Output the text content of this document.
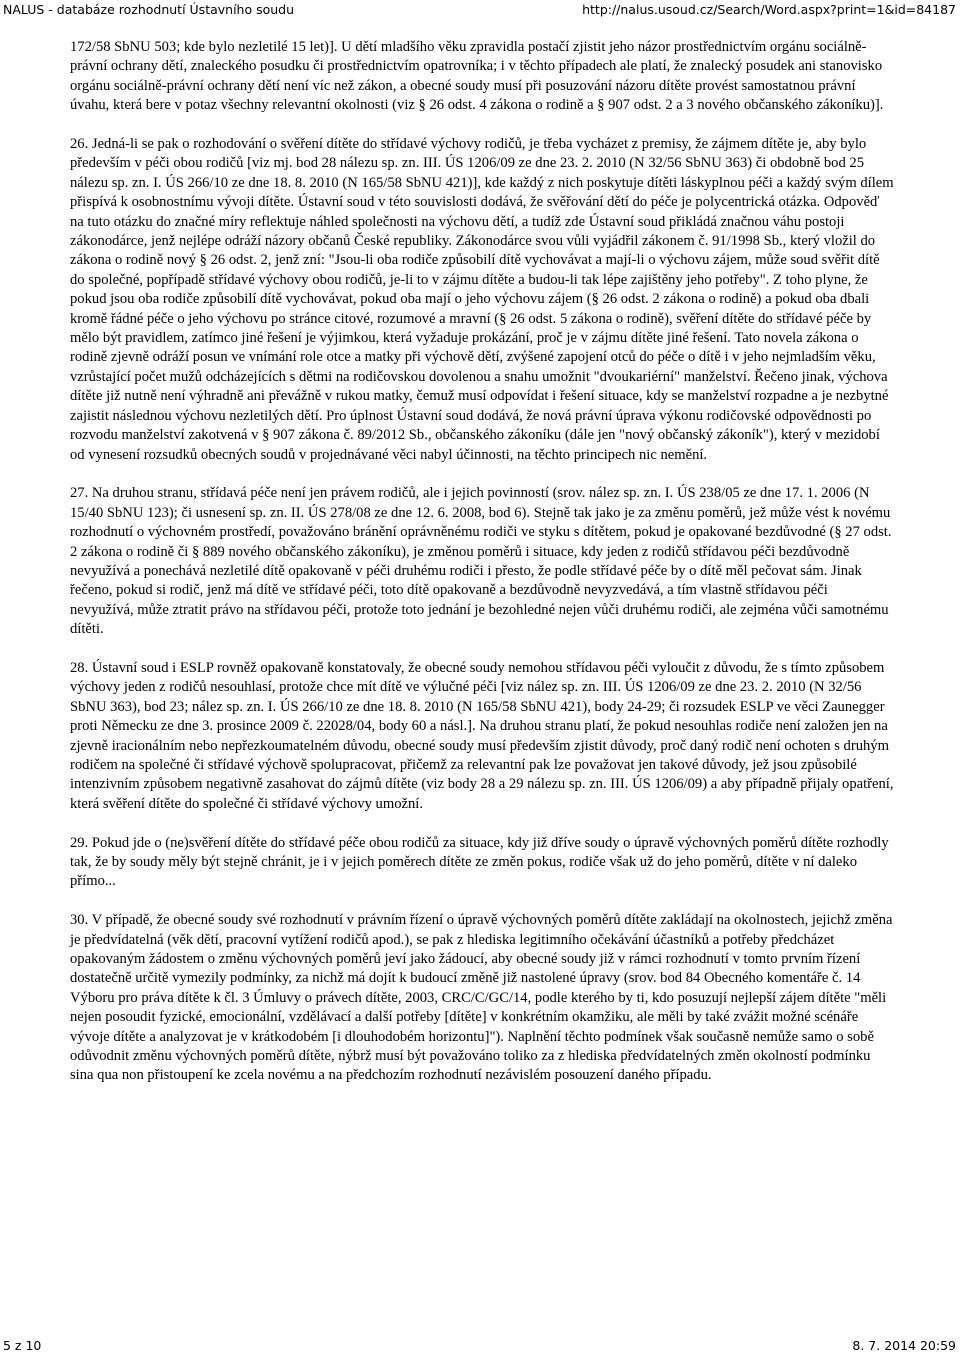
NALUS - databáze rozhodnutí Ústavního soudu	http://nalus.usoud.cz/Search/Word.aspx?print=1&id=84187

172/58 SbNU 503; kde bylo nezletilé 15 let)]. U dětí mladšího věku zpravidla postačí zjistit jeho názor prostřednictvím orgánu sociálně-právní ochrany dětí, znaleckého posudku či prostřednictvím opatrovníka; i v těchto případech ale platí, že znalecký posudek ani stanovisko orgánu sociálně-právní ochrany dětí není víc než zákon, a obecné soudy musí při posuzování názoru dítěte provést samostatnou právní úvahu, která bere v potaz všechny relevantní okolnosti (viz § 26 odst. 4 zákona o rodině a § 907 odst. 2 a 3 nového občanského zákoníku)].

26. Jedná-li se pak o rozhodování o svěření dítěte do střídavé výchovy rodičů, je třeba vycházet z premisy, že zájmem dítěte je, aby bylo především v péči obou rodičů [viz mj. bod 28 nálezu sp. zn. III. ÚS 1206/09 ze dne 23. 2. 2010 (N 32/56 SbNU 363) či obdobně bod 25 nálezu sp. zn. I. ÚS 266/10 ze dne 18. 8. 2010 (N 165/58 SbNU 421)], kde každý z nich poskytuje dítěti láskyplnou péči a každý svým dílem přispívá k osobnostnímu vývoji dítěte. Ústavní soud v této souvislosti dodává, že svěřování dětí do péče je polycentrická otázka. Odpověď na tuto otázku do značné míry reflektuje náhled společnosti na výchovu dětí, a tudíž zde Ústavní soud přikládá značnou váhu postoji zákonodárce, jenž nejlépe odráží názory občanů České republiky. Zákonodárce svou vůli vyjádřil zákonem č. 91/1998 Sb., který vložil do zákona o rodině nový § 26 odst. 2, jenž zní: "Jsou-li oba rodiče způsobilí dítě vychovávat a mají-li o výchovu zájem, může soud svěřit dítě do společné, popřípadě střídavé výchovy obou rodičů, je-li to v zájmu dítěte a budou-li tak lépe zajištěny jeho potřeby". Z toho plyne, že pokud jsou oba rodiče způsobilí dítě vychovávat, pokud oba mají o jeho výchovu zájem (§ 26 odst. 2 zákona o rodině) a pokud oba dbali kromě řádné péče o jeho výchovu po stránce citové, rozumové a mravní (§ 26 odst. 5 zákona o rodině), svěření dítěte do střídavé péče by mělo být pravidlem, zatímco jiné řešení je výjimkou, která vyžaduje prokázání, proč je v zájmu dítěte jiné řešení. Tato novela zákona o rodině zjevně odráží posun ve vnímání role otce a matky při výchově dětí, zvýšené zapojení otců do péče o dítě i v jeho nejmladším věku, vzrůstající počet mužů odcházejících s dětmi na rodičovskou dovolenou a snahu umožnit "dvoukariérní" manželství. Řečeno jinak, výchova dítěte již nutně není výhradně ani převážně v rukou matky, čemuž musí odpovídat i řešení situace, kdy se manželství rozpadne a je nezbytné zajistit následnou výchovu nezletilých dětí. Pro úplnost Ústavní soud dodává, že nová právní úprava výkonu rodičovské odpovědnosti po rozvodu manželství zakotvená v § 907 zákona č. 89/2012 Sb., občanského zákoníku (dále jen "nový občanský zákoník"), který v mezidobí od vynesení rozsudků obecných soudů v projednávané věci nabyl účinnosti, na těchto principech nic nemění.

27. Na druhou stranu, střídavá péče není jen právem rodičů, ale i jejich povinností (srov. nález sp. zn. I. ÚS 238/05 ze dne 17. 1. 2006 (N 15/40 SbNU 123); či usnesení sp. zn. II. ÚS 278/08 ze dne 12. 6. 2008, bod 6). Stejně tak jako je za změnu poměrů, jež může vést k novému rozhodnutí o výchovném prostředí, považováno bránění oprávněnému rodiči ve styku s dítětem, pokud je opakované bezdůvodné (§ 27 odst. 2 zákona o rodině či § 889 nového občanského zákoníku), je změnou poměrů i situace, kdy jeden z rodičů střídavou péči bezdůvodně nevyužívá a ponechává nezletilé dítě opakovaně v péči druhému rodiči i přesto, že podle střídavé péče by o dítě měl pečovat sám. Jinak řečeno, pokud si rodič, jenž má dítě ve střídavé péči, toto dítě opakovaně a bezdůvodně nevyzvedává, a tím vlastně střídavou péči nevyužívá, může ztratit právo na střídavou péči, protože toto jednání je bezohledné nejen vůči druhému rodiči, ale zejména vůči samotnému dítěti.

28. Ústavní soud i ESLP rovněž opakovaně konstatovaly, že obecné soudy nemohou střídavou péči vyloučit z důvodu, že s tímto způsobem výchovy jeden z rodičů nesouhlasí, protože chce mít dítě ve výlučné péči [viz nález sp. zn. III. ÚS 1206/09 ze dne 23. 2. 2010 (N 32/56 SbNU 363), bod 23; nález sp. zn. I. ÚS 266/10 ze dne 18. 8. 2010 (N 165/58 SbNU 421), body 24-29; či rozsudek ESLP ve věci Zaunegger proti Německu ze dne 3. prosince 2009 č. 22028/04, body 60 a násl.]. Na druhou stranu platí, že pokud nesouhlas rodiče není založen jen na zjevně iracionálním nebo nepřezkoumatelném důvodu, obecné soudy musí především zjistit důvody, proč daný rodič není ochoten s druhým rodičem na společné či střídavé výchově spolupracovat, přičemž za relevantní pak lze považovat jen takové důvody, jež jsou způsobilé intenzivním způsobem negativně zasahovat do zájmů dítěte (viz body 28 a 29 nálezu sp. zn. III. ÚS 1206/09) a aby případně přijaly opatření, která svěření dítěte do společné či střídavé výchovy umožní.

29. Pokud jde o (ne)svěření dítěte do střídavé péče obou rodičů za situace, kdy již dříve soudy o úpravě výchovných poměrů dítěte rozhodly tak, že by soudy měly být stejně chránit, je i v jejich poměrech dítěte ze změn pokus, rodiče však už do jeho poměrů, dítěte v ní daleko přímo...

30. V případě, že obecné soudy své rozhodnutí v právním řízení o úpravě výchovných poměrů dítěte zakládají na okolnostech, jejichž změna je předvídatelná (věk dětí, pracovní vytížení rodičů apod.), se pak z hlediska legitimního očekávání účastníků a potřeby předcházet opakovaným žádostem o změnu výchovných poměrů jeví jako žádoucí, aby obecné soudy již v rámci rozhodnutí v tomto prvním řízení dostatečně určitě vymezily podmínky, za nichž má dojít k budoucí změně již nastolené úpravy (srov. bod 84 Obecného komentáře č. 14 Výboru pro práva dítěte k čl. 3 Úmluvy o právech dítěte, 2003, CRC/C/GC/14, podle kterého by ti, kdo posuzují nejlepší zájem dítěte "měli nejen posoudit fyzické, emocionální, vzdělávací a další potřeby [dítěte] v konkrétním okamžiku, ale měli by také zvážit možné scénáře vývoje dítěte a analyzovat je v krátkodobém [i dlouhodobém horizontu]"). Naplnění těchto podmínek však současně nemůže samo o sobě odůvodnit změnu výchovných poměrů dítěte, nýbrž musí být považováno toliko za z hlediska předvídatelných změn okolností podmínku sina qua non přistoupení ke zcela novému a na předchozím rozhodnutí nezávislém posouzení daného případu.

5 z 10	8. 7. 2014 20:59
